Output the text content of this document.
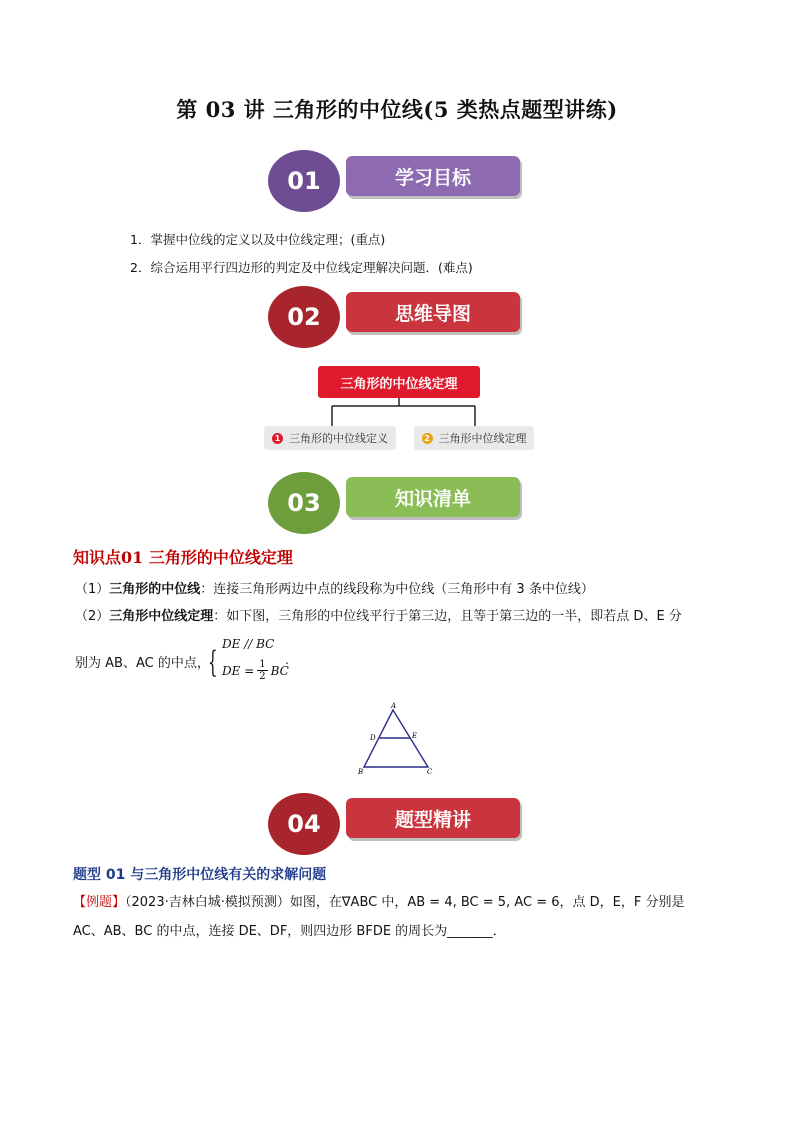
第 03 讲 三角形的中位线(5 类热点题型讲练)
01	学习目标
1．掌握中位线的定义以及中位线定理；(重点)
2．综合运用平行四边形的判定及中位线定理解决问题．(难点)
02	思维导图
三角形的中位线定理
1 三角形的中位线定义	2 三角形中位线定理
03	知识清单
知识点01 三角形的中位线定理
（1）三角形的中位线：连接三角形两边中点的线段称为中位线（三角形中有 3 条中位线）
（2）三角形中位线定理：如下图，三角形的中位线平行于第三边，且等于第三边的一半，即若点 D、E 分
别为 AB、AC 的中点，
{
DE // BC
DE = $\frac{1}{2}$ BC
.
A
D	E
B	C
04	题型精讲
题型 01 与三角形中位线有关的求解问题
【例题】（2023·吉林白城·模拟预测）如图，在∇ABC 中，AB = 4, BC = 5, AC = 6，点 D，E，F 分别是
AC、AB、BC 的中点，连接 DE、DF，则四边形 BFDE 的周长为_______．
